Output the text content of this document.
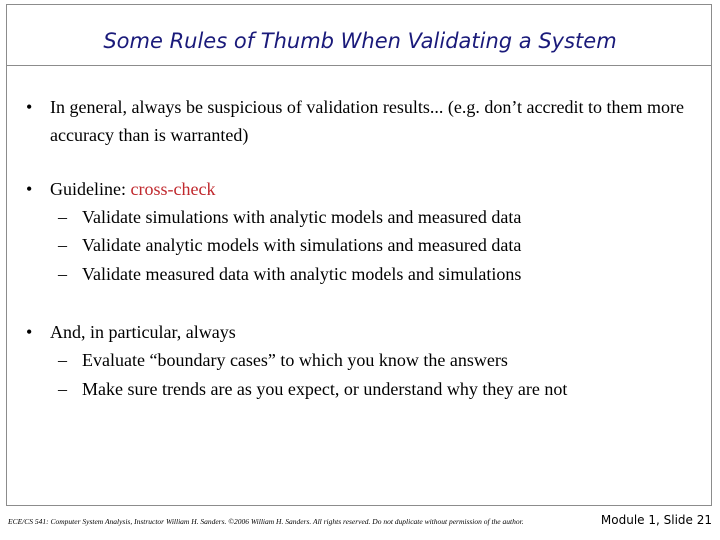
Some Rules of Thumb When Validating a System
• In general, always be suspicious of validation results... (e.g. don’t accredit to them more accuracy than is warranted)
• Guideline: cross-check
– Validate simulations with analytic models and measured data
– Validate analytic models with simulations and measured data
– Validate measured data with analytic models and simulations
• And, in particular, always
– Evaluate “boundary cases” to which you know the answers
– Make sure trends are as you expect, or understand why they are not
ECE/CS 541: Computer System Analysis, Instructor William H. Sanders. ©2006 William H. Sanders. All rights reserved. Do not duplicate without permission of the author.	Module 1, Slide 21
